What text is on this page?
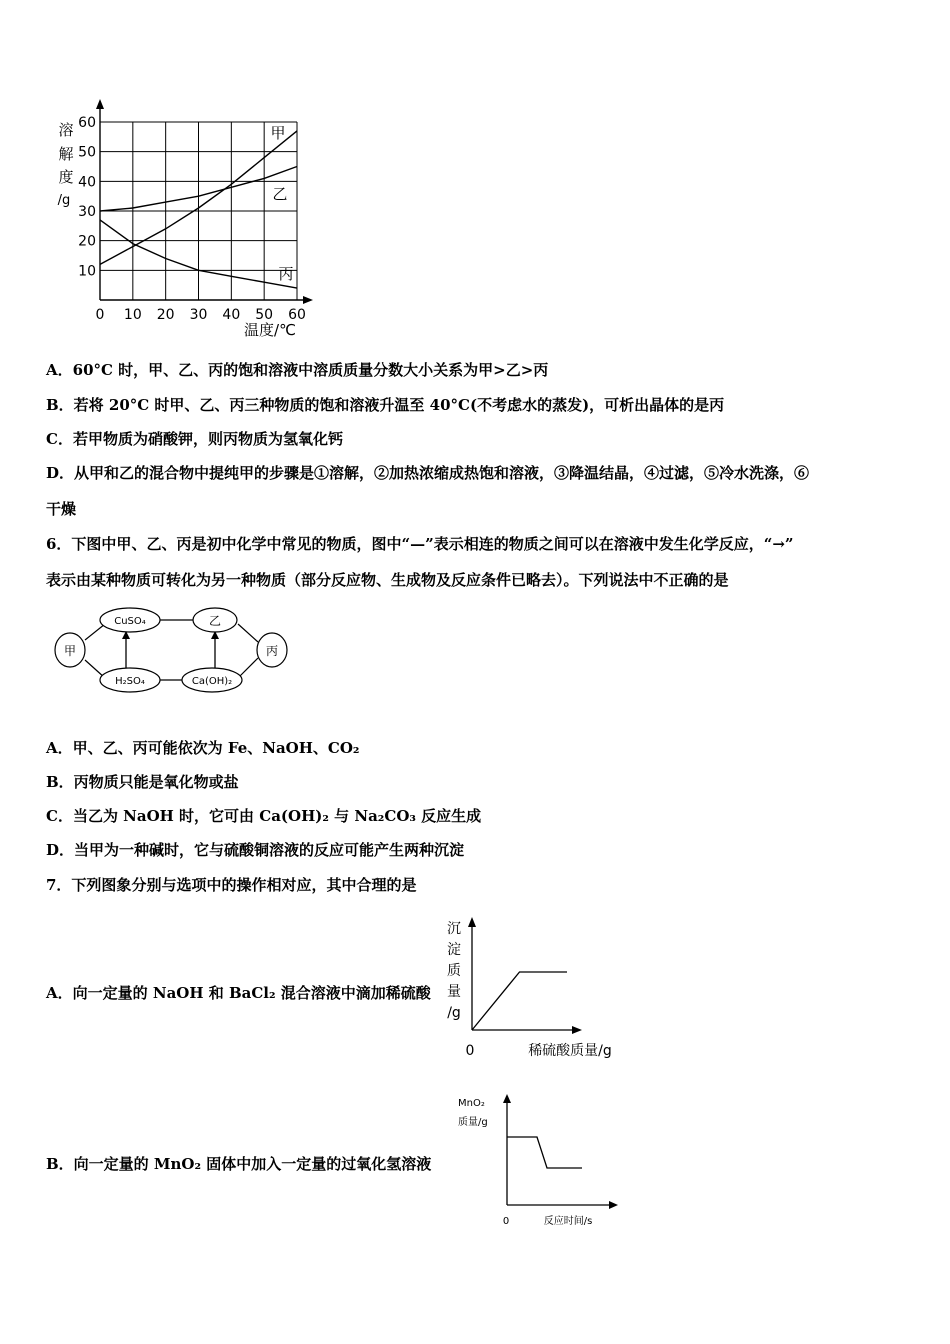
0 10 20 30 40 50 60
10
20
30
40
50
60
溶
解
度
/g
温度/℃
甲
乙
丙
A．60°C 时，甲、乙、丙的饱和溶液中溶质质量分数大小关系为甲>乙>丙
B．若将 20°C 时甲、乙、丙三种物质的饱和溶液升温至 40°C(不考虑水的蒸发)，可析出晶体的是丙
C．若甲物质为硝酸钾，则丙物质为氢氧化钙
D．从甲和乙的混合物中提纯甲的步骤是①溶解，②加热浓缩成热饱和溶液，③降温结晶，④过滤，⑤冷水洗涤，⑥
干燥
6．下图中甲、乙、丙是初中化学中常见的物质，图中“—”表示相连的物质之间可以在溶液中发生化学反应，“→”
表示由某种物质可转化为另一种物质（部分反应物、生成物及反应条件已略去）。下列说法中不正确的是
甲
CuSO₄	乙
丙
H₂SO₄	Ca(OH)₂
A．甲、乙、丙可能依次为 Fe、NaOH、CO₂
B．丙物质只能是氧化物或盐
C．当乙为 NaOH 时，它可由 Ca(OH)₂ 与 Na₂CO₃ 反应生成
D．当甲为一种碱时，它与硫酸铜溶液的反应可能产生两种沉淀
7．下列图象分别与选项中的操作相对应，其中合理的是
A．向一定量的 NaOH 和 BaCl₂ 混合溶液中滴加稀硫酸
沉
淀
质
量
/g
0	稀硫酸质量/g
B．向一定量的 MnO₂ 固体中加入一定量的过氧化氢溶液
MnO₂
质量/g
0	反应时间/s
